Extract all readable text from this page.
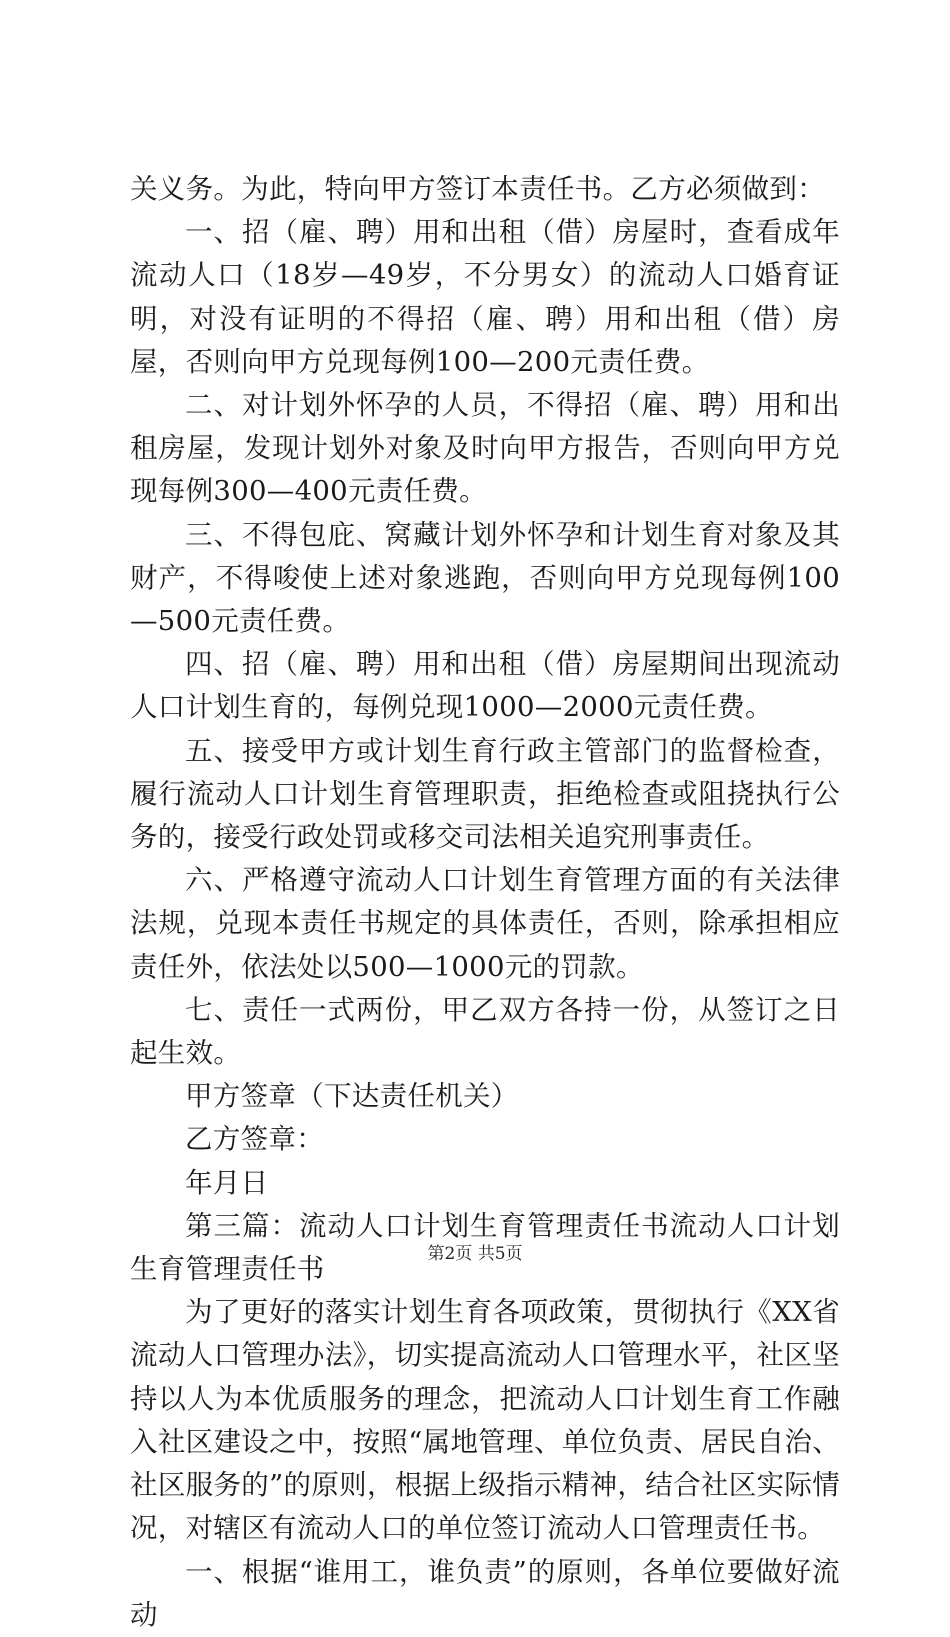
关义务。为此，特向甲方签订本责任书。乙方必须做到：

一、招（雇、聘）用和出租（借）房屋时，查看成年流动人口（18岁—49岁，不分男女）的流动人口婚育证明，对没有证明的不得招（雇、聘）用和出租（借）房屋，否则向甲方兑现每例100—200元责任费。

二、对计划外怀孕的人员，不得招（雇、聘）用和出租房屋，发现计划外对象及时向甲方报告，否则向甲方兑现每例300—400元责任费。

三、不得包庇、窝藏计划外怀孕和计划生育对象及其财产，不得唆使上述对象逃跑，否则向甲方兑现每例100—500元责任费。

四、招（雇、聘）用和出租（借）房屋期间出现流动人口计划生育的，每例兑现1000—2000元责任费。

五、接受甲方或计划生育行政主管部门的监督检查，履行流动人口计划生育管理职责，拒绝检查或阻挠执行公务的，接受行政处罚或移交司法相关追究刑事责任。

六、严格遵守流动人口计划生育管理方面的有关法律法规，兑现本责任书规定的具体责任，否则，除承担相应责任外，依法处以500—1000元的罚款。

七、责任一式两份，甲乙双方各持一份，从签订之日起生效。

甲方签章（下达责任机关）

乙方签章：

年月日

第三篇：流动人口计划生育管理责任书流动人口计划生育管理责任书

为了更好的落实计划生育各项政策，贯彻执行《XX省流动人口管理办法》，切实提高流动人口管理水平，社区坚持以人为本优质服务的理念，把流动人口计划生育工作融入社区建设之中，按照“属地管理、单位负责、居民自治、社区服务的”的原则，根据上级指示精神，结合社区实际情况，对辖区有流动人口的单位签订流动人口管理责任书。

一、根据“谁用工，谁负责”的原则，各单位要做好流动

第2页 共5页
